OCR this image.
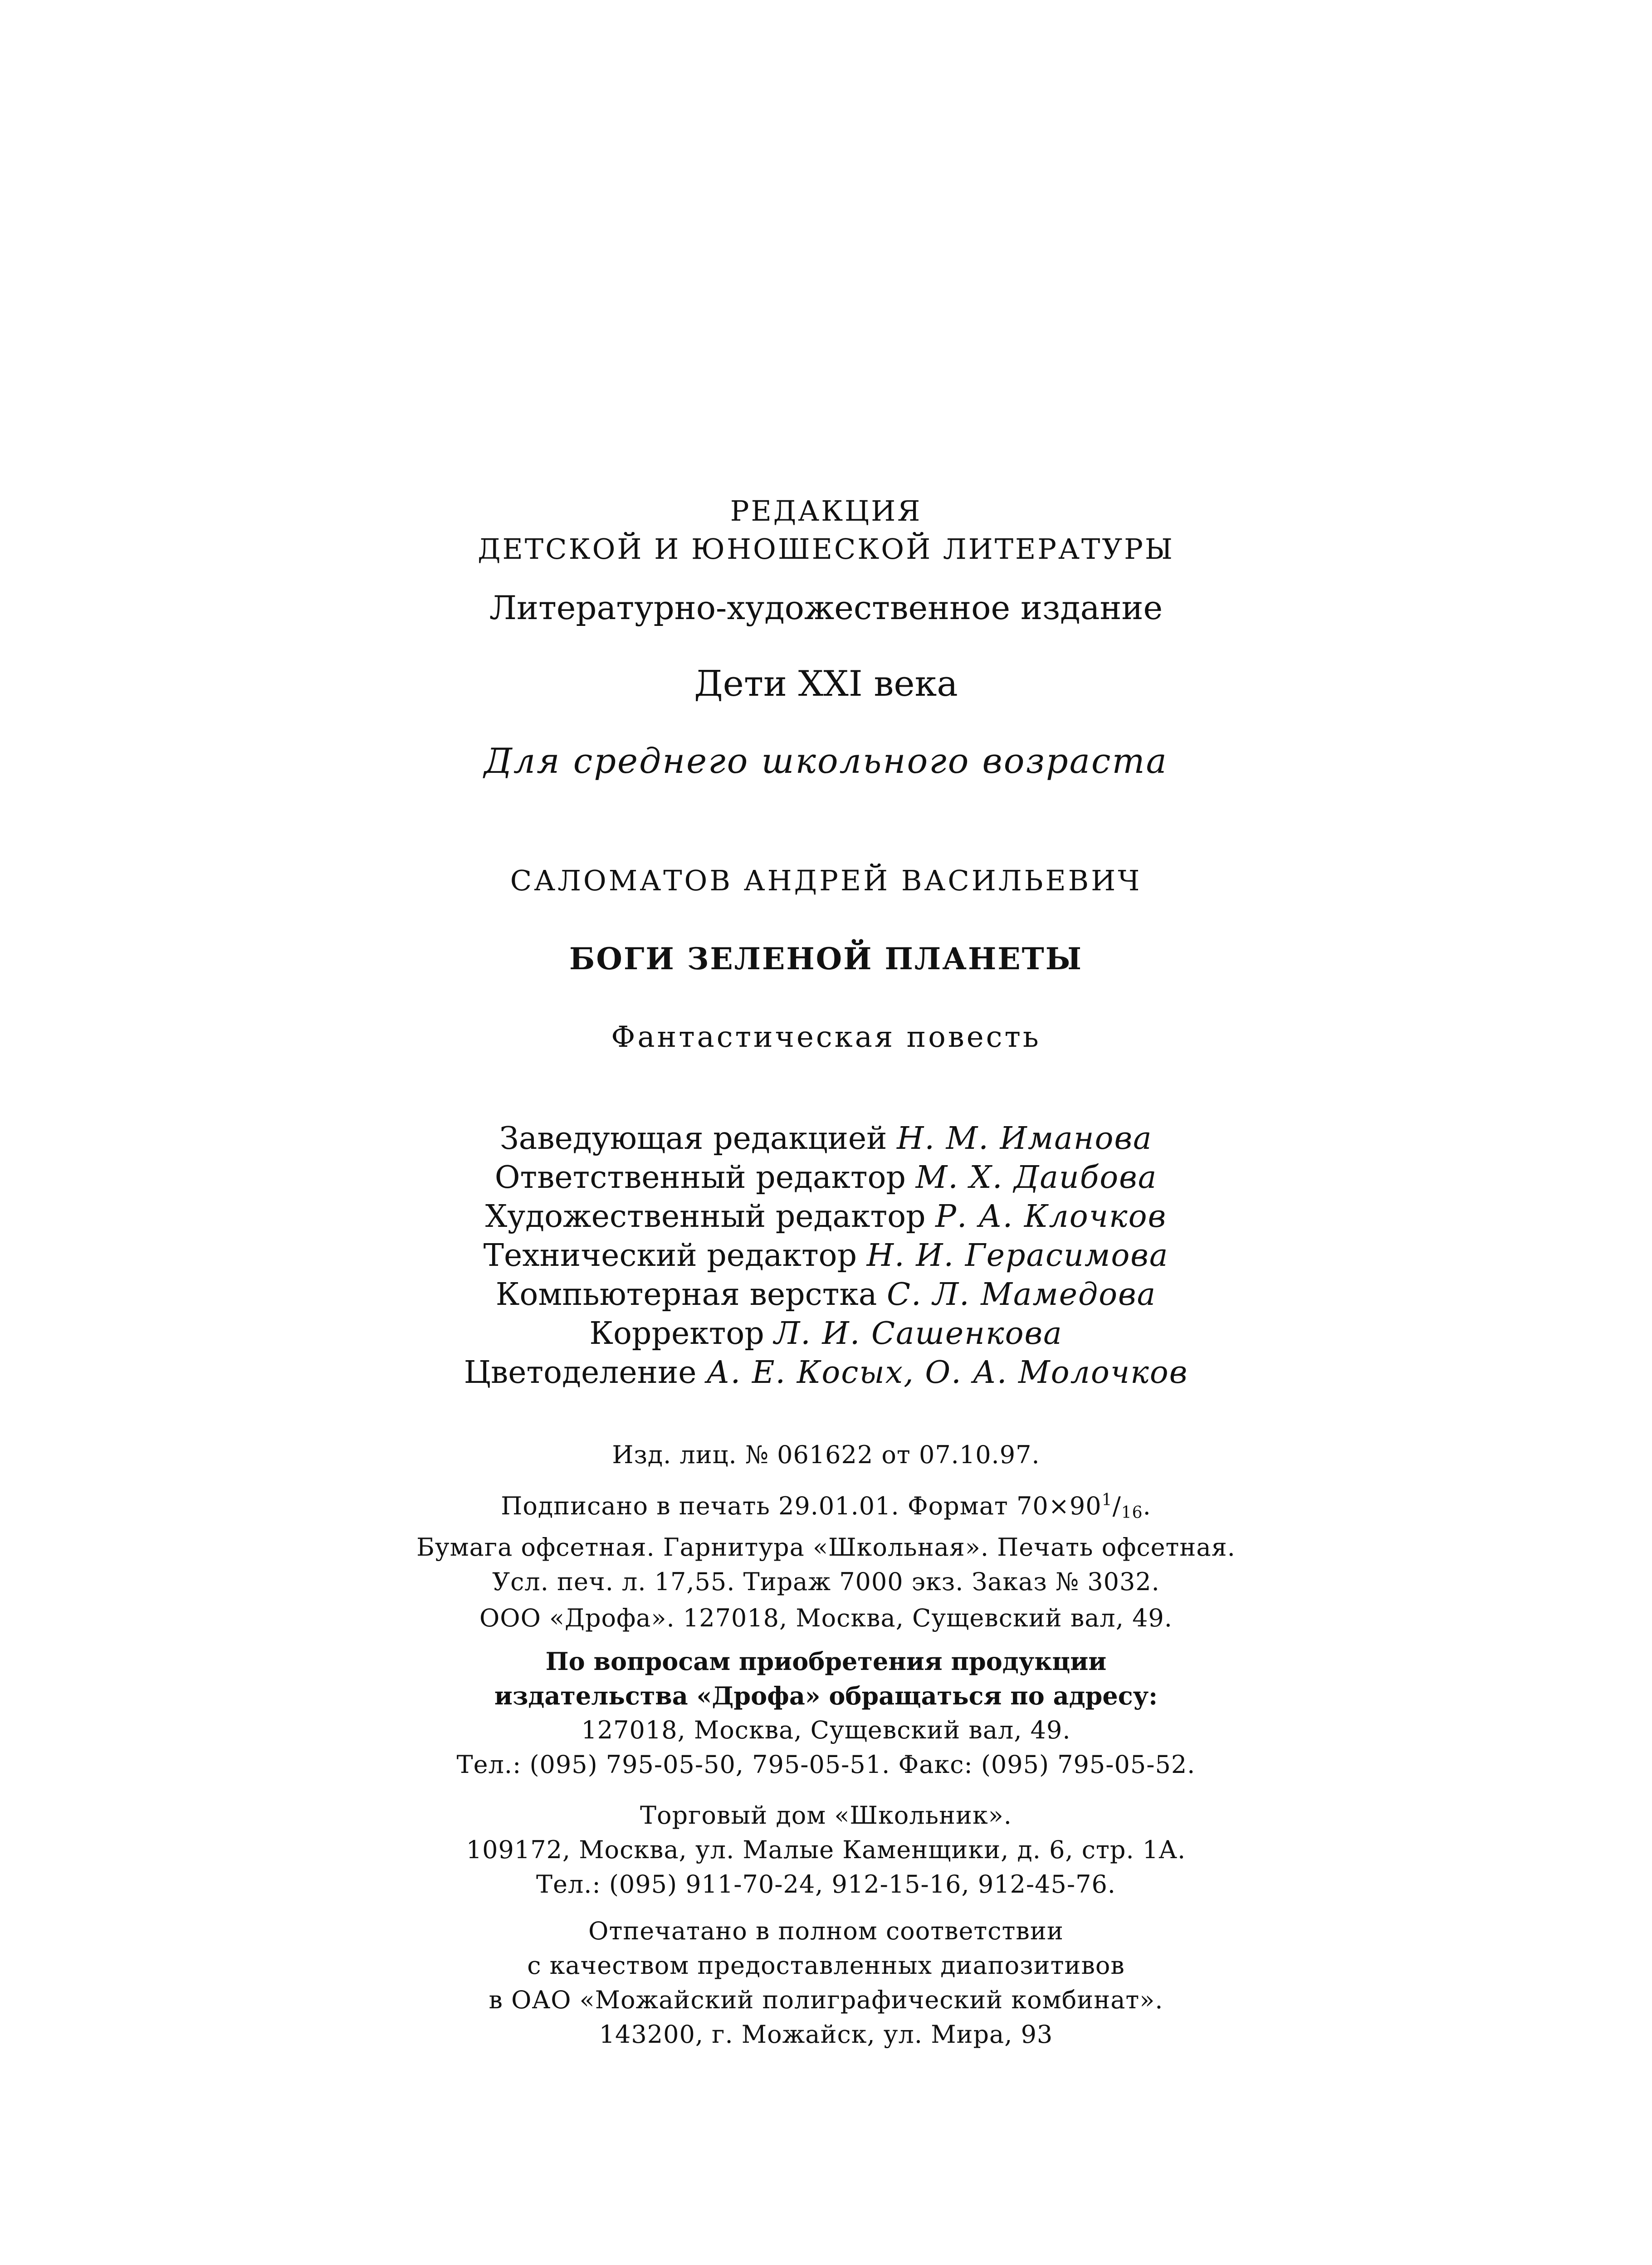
РЕДАКЦИЯ
ДЕТСКОЙ И ЮНОШЕСКОЙ ЛИТЕРАТУРЫ
Литературно-художественное издание
Дети XXI века
Для среднего школьного возраста
САЛОМАТОВ АНДРЕЙ ВАСИЛЬЕВИЧ
БОГИ ЗЕЛЕНОЙ ПЛАНЕТЫ
Фантастическая повесть
Заведующая редакцией Н. М. Иманова
Ответственный редактор М. Х. Даибова
Художественный редактор Р. А. Клочков
Технический редактор Н. И. Герасимова
Компьютерная верстка С. Л. Мамедова
Корректор Л. И. Сашенкова
Цветоделение А. Е. Косых, О. А. Молочков
Изд. лиц. № 061622 от 07.10.97.
Подписано в печать 29.01.01. Формат $70\times 90^1/_{16}$.
Бумага офсетная. Гарнитура «Школьная». Печать офсетная.
Усл. печ. л. 17,55. Тираж 7000 экз. Заказ № 3032.
ООО «Дрофа». 127018, Москва, Сущевский вал, 49.
По вопросам приобретения продукции
издательства «Дрофа» обращаться по адресу:
127018, Москва, Сущевский вал, 49.
Тел.: (095) 795-05-50, 795-05-51. Факс: (095) 795-05-52.
Торговый дом «Школьник».
109172, Москва, ул. Малые Каменщики, д. 6, стр. 1А.
Тел.: (095) 911-70-24, 912-15-16, 912-45-76.
Отпечатано в полном соответствии
с качеством предоставленных диапозитивов
в ОАО «Можайский полиграфический комбинат».
143200, г. Можайск, ул. Мира, 93
